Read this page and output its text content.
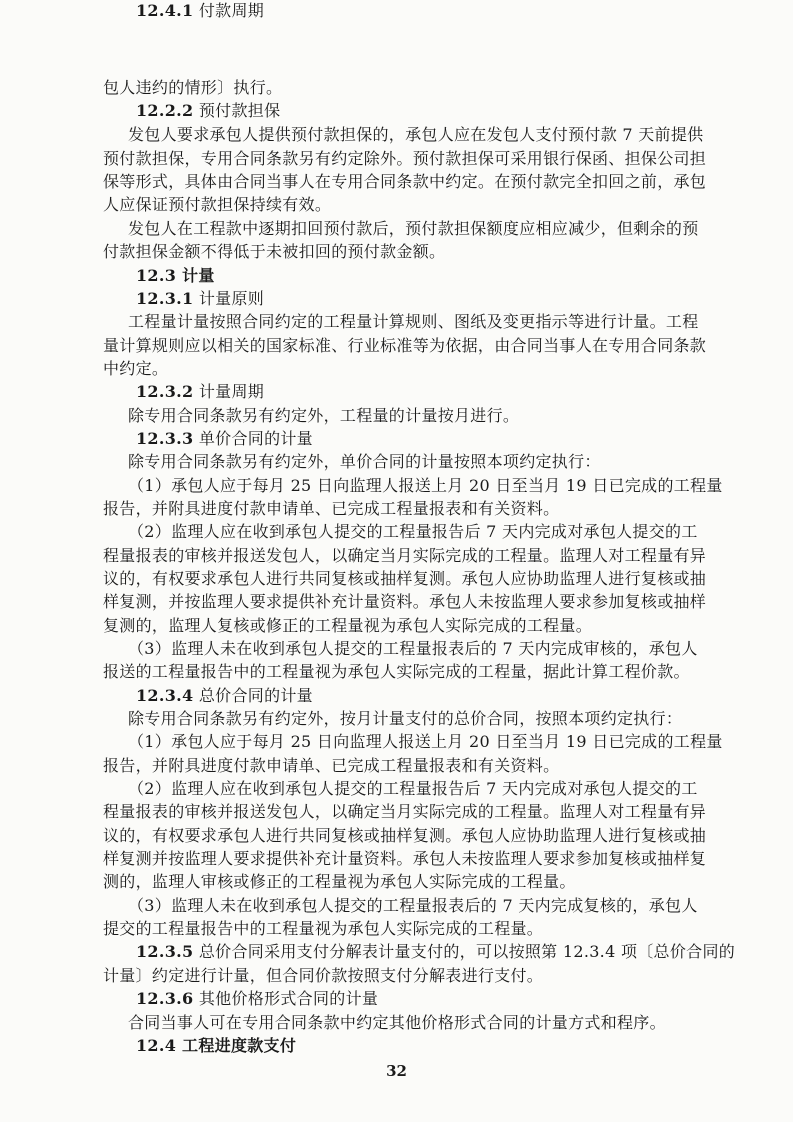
包人违约的情形〕执行。
12.2.2 预付款担保
发包人要求承包人提供预付款担保的，承包人应在发包人支付预付款 7 天前提供
预付款担保，专用合同条款另有约定除外。预付款担保可采用银行保函、担保公司担
保等形式，具体由合同当事人在专用合同条款中约定。在预付款完全扣回之前，承包
人应保证预付款担保持续有效。
发包人在工程款中逐期扣回预付款后，预付款担保额度应相应减少，但剩余的预
付款担保金额不得低于未被扣回的预付款金额。
12.3 计量
12.3.1 计量原则
工程量计量按照合同约定的工程量计算规则、图纸及变更指示等进行计量。工程
量计算规则应以相关的国家标准、行业标准等为依据，由合同当事人在专用合同条款
中约定。
12.3.2 计量周期
除专用合同条款另有约定外，工程量的计量按月进行。
12.3.3 单价合同的计量
除专用合同条款另有约定外，单价合同的计量按照本项约定执行：
（1）承包人应于每月 25 日向监理人报送上月 20 日至当月 19 日已完成的工程量
报告，并附具进度付款申请单、已完成工程量报表和有关资料。
（2）监理人应在收到承包人提交的工程量报告后 7 天内完成对承包人提交的工
程量报表的审核并报送发包人，以确定当月实际完成的工程量。监理人对工程量有异
议的，有权要求承包人进行共同复核或抽样复测。承包人应协助监理人进行复核或抽
样复测，并按监理人要求提供补充计量资料。承包人未按监理人要求参加复核或抽样
复测的，监理人复核或修正的工程量视为承包人实际完成的工程量。
（3）监理人未在收到承包人提交的工程量报表后的 7 天内完成审核的，承包人
报送的工程量报告中的工程量视为承包人实际完成的工程量，据此计算工程价款。
12.3.4 总价合同的计量
除专用合同条款另有约定外，按月计量支付的总价合同，按照本项约定执行：
（1）承包人应于每月 25 日向监理人报送上月 20 日至当月 19 日已完成的工程量
报告，并附具进度付款申请单、已完成工程量报表和有关资料。
（2）监理人应在收到承包人提交的工程量报告后 7 天内完成对承包人提交的工
程量报表的审核并报送发包人，以确定当月实际完成的工程量。监理人对工程量有异
议的，有权要求承包人进行共同复核或抽样复测。承包人应协助监理人进行复核或抽
样复测并按监理人要求提供补充计量资料。承包人未按监理人要求参加复核或抽样复
测的，监理人审核或修正的工程量视为承包人实际完成的工程量。
（3）监理人未在收到承包人提交的工程量报表后的 7 天内完成复核的，承包人
提交的工程量报告中的工程量视为承包人实际完成的工程量。
32
12.3.5 总价合同采用支付分解表计量支付的，可以按照第 12.3.4 项〔总价合同的
计量〕约定进行计量，但合同价款按照支付分解表进行支付。
12.3.6 其他价格形式合同的计量
合同当事人可在专用合同条款中约定其他价格形式合同的计量方式和程序。
12.4 工程进度款支付
12.4.1 付款周期
